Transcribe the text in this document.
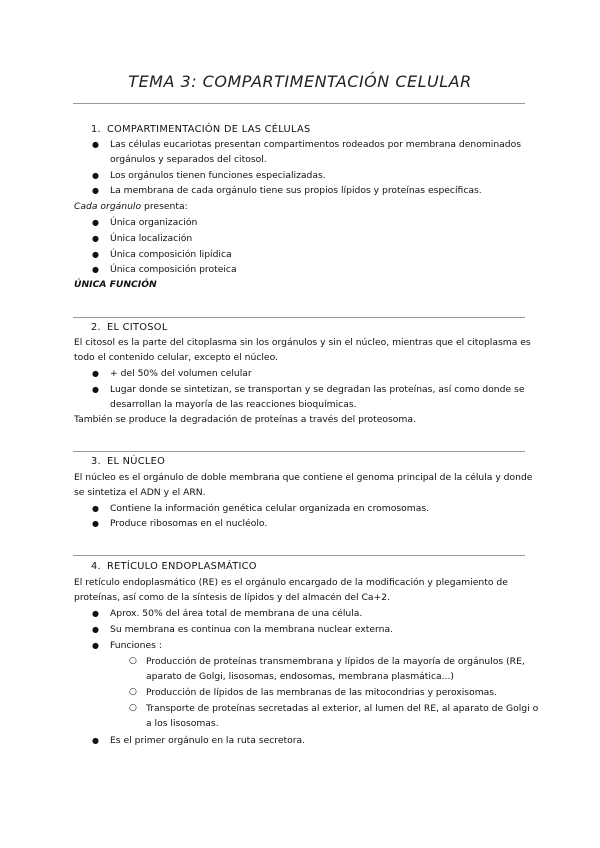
TEMA 3: COMPARTIMENTACIÓN CELULAR
1. COMPARTIMENTACIÓN DE LAS CÉLULAS
● Las células eucariotas presentan compartimentos rodeados por membrana denominados
orgánulos y separados del citosol.
● Los orgánulos tienen funciones especializadas.
● La membrana de cada orgánulo tiene sus propios lípidos y proteínas específicas.
Cada orgánulo presenta:
● Única organización
● Única localización
● Única composición lipídica
● Única composición proteica
ÚNICA FUNCIÓN
2. EL CITOSOL
El citosol es la parte del citoplasma sin los orgánulos y sin el núcleo, mientras que el citoplasma es
todo el contenido celular, excepto el núcleo.
● + del 50% del volumen celular
● Lugar donde se sintetizan, se transportan y se degradan las proteínas, así como donde se
desarrollan la mayoría de las reacciones bioquímicas.
También se produce la degradación de proteínas a través del proteosoma.
3. EL NÚCLEO
El núcleo es el orgánulo de doble membrana que contiene el genoma principal de la célula y donde
se sintetiza el ADN y el ARN.
● Contiene la información genética celular organizada en cromosomas.
● Produce ribosomas en el nucléolo.
4. RETÍCULO ENDOPLASMÁTICO
El retículo endoplasmático (RE) es el orgánulo encargado de la modificación y plegamiento de
proteínas, así como de la síntesis de lípidos y del almacén del Ca+2.
● Aprox. 50% del área total de membrana de una célula.
● Su membrana es continua con la membrana nuclear externa.
● Funciones :
○ Producción de proteínas transmembrana y lípidos de la mayoría de orgánulos (RE,
aparato de Golgi, lisosomas, endosomas, membrana plasmática...)
○ Producción de lípidos de las membranas de las mitocondrias y peroxisomas.
○ Transporte de proteínas secretadas al exterior, al lumen del RE, al aparato de Golgi o
a los lisosomas.
● Es el primer orgánulo en la ruta secretora.
